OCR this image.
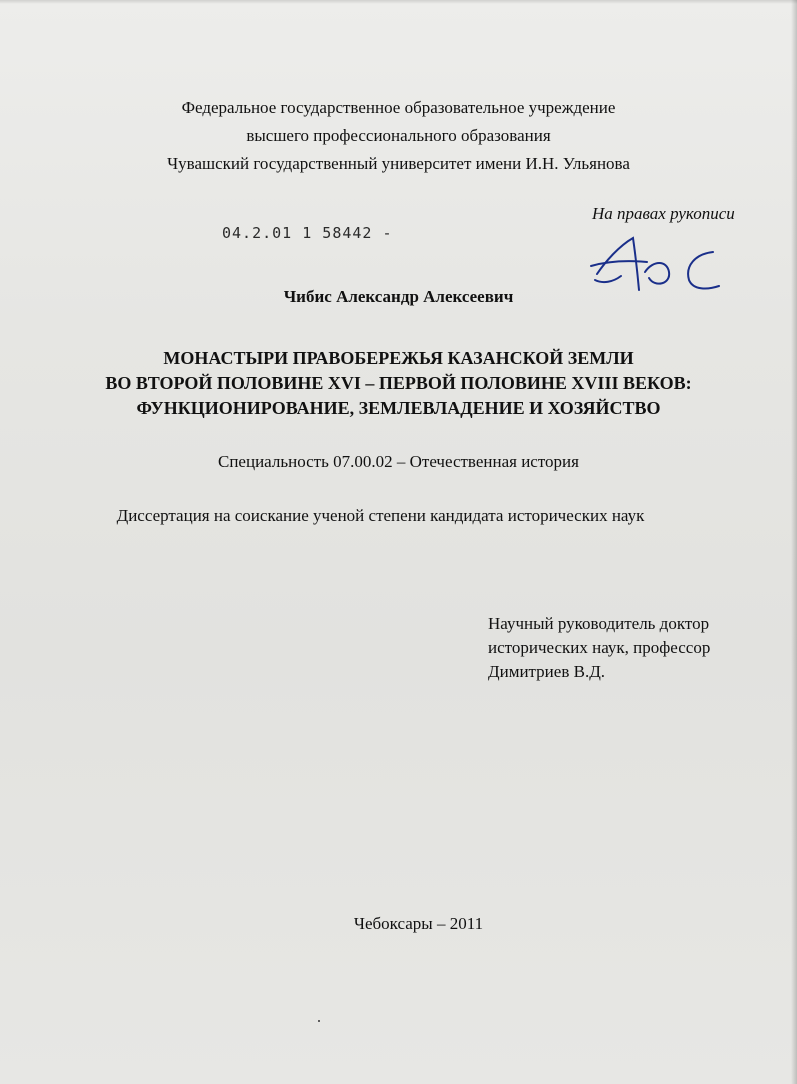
Федеральное государственное образовательное учреждение
высшего профессионального образования
Чувашский государственный университет имени И.Н. Ульянова
04.2.01 1 58442 -
На правах рукописи
Чибис Александр Алексеевич
МОНАСТЫРИ ПРАВОБЕРЕЖЬЯ КАЗАНСКОЙ ЗЕМЛИ
ВО ВТОРОЙ ПОЛОВИНЕ XVI – ПЕРВОЙ ПОЛОВИНЕ XVIII ВЕКОВ:
ФУНКЦИОНИРОВАНИЕ, ЗЕМЛЕВЛАДЕНИЕ И ХОЗЯЙСТВО
Специальность 07.00.02 – Отечественная история
Диссертация на соискание ученой степени кандидата исторических наук
Научный руководитель доктор
исторических наук, профессор
Димитриев В.Д.
Чебоксары – 2011
